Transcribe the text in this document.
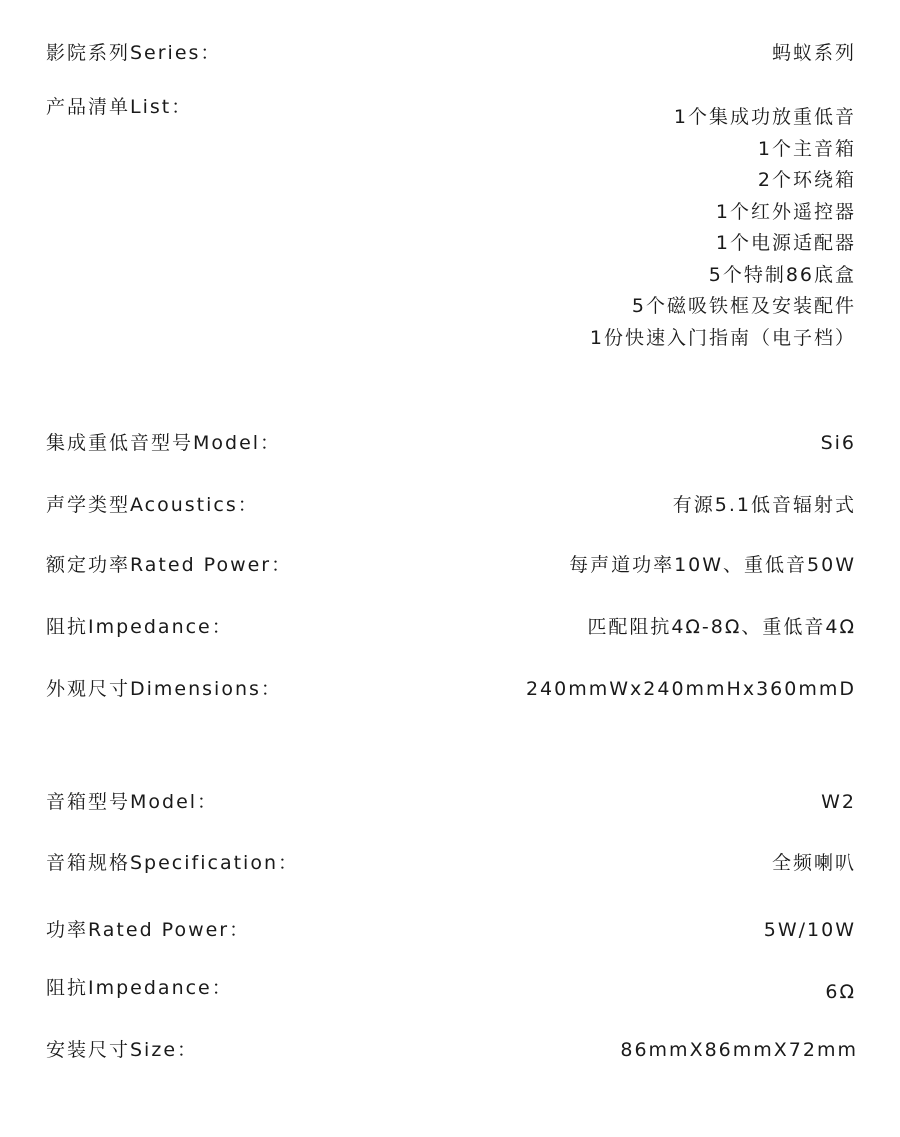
影院系列Series：	蚂蚁系列
产品清单List：	1个集成功放重低音
1个主音箱
2个环绕箱
1个红外遥控器
1个电源适配器
5个特制86底盒
5个磁吸铁框及安装配件
1份快速入门指南（电子档）
集成重低音型号Model：	Si6
声学类型Acoustics：	有源5.1低音辐射式
额定功率Rated Power：	每声道功率10W、重低音50W
阻抗Impedance：	匹配阻抗4Ω-8Ω、重低音4Ω
外观尺寸Dimensions：	240mmWx240mmHx360mmD
音箱型号Model：	W2
音箱规格Specification：	全频喇叭
功率Rated Power：	5W/10W
阻抗Impedance：	6Ω
安装尺寸Size：	86mmX86mmX72mm
